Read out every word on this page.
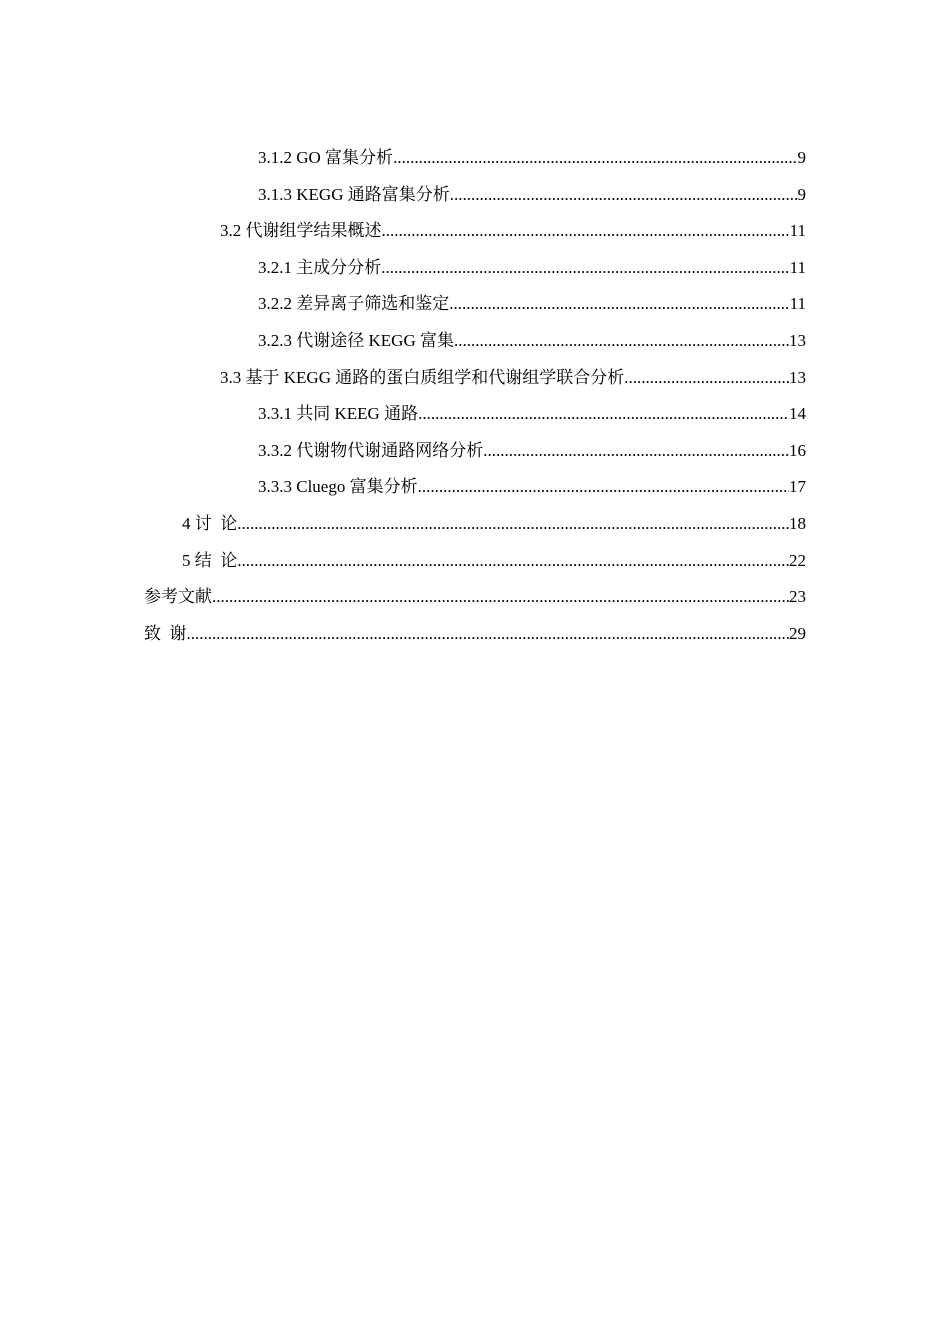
3.1.2 GO 富集分析 .....	9
3.1.3 KEGG 通路富集分析 .....	9
3.2 代谢组学结果概述 .....	11
3.2.1 主成分分析 .....	11
3.2.2 差异离子筛选和鉴定 .....	11
3.2.3 代谢途径 KEGG 富集 .....	13
3.3 基于 KEGG 通路的蛋白质组学和代谢组学联合分析 .....	13
3.3.1 共同 KEEG 通路 .....	14
3.3.2 代谢物代谢通路网络分析 .....	16
3.3.3 Cluego 富集分析 .....	17
4 讨  论 .....	18
5 结  论 .....	22
参考文献 .....	23
致  谢 .....	29
